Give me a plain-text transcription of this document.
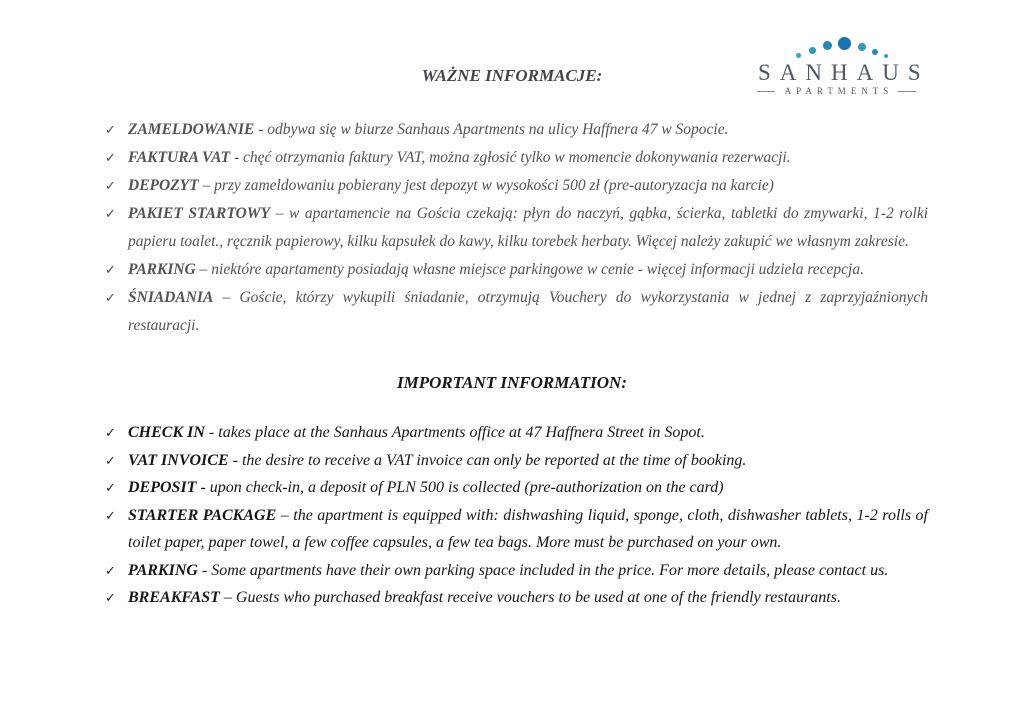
SANHAUS
APARTMENTS
WAŻNE INFORMACJE:
✓ ZAMELDOWANIE - odbywa się w biurze Sanhaus Apartments na ulicy Haffnera 47 w Sopocie.
✓ FAKTURA VAT - chęć otrzymania faktury VAT, można zgłosić tylko w momencie dokonywania rezerwacji.
✓ DEPOZYT – przy zameldowaniu pobierany jest depozyt w wysokości 500 zł (pre-autoryzacja na karcie)
✓ PAKIET STARTOWY – w apartamencie na Gościa czekają: płyn do naczyń, gąbka, ścierka, tabletki do zmywarki, 1-2 rolki papieru toalet., ręcznik papierowy, kilku kapsułek do kawy, kilku torebek herbaty. Więcej należy zakupić we własnym zakresie.
✓ PARKING – niektóre apartamenty posiadają własne miejsce parkingowe w cenie - więcej informacji udziela recepcja.
✓ ŚNIADANIA – Goście, którzy wykupili śniadanie, otrzymują Vouchery do wykorzystania w jednej z zaprzyjaźnionych restauracji.
IMPORTANT INFORMATION:
✓ CHECK IN - takes place at the Sanhaus Apartments office at 47 Haffnera Street in Sopot.
✓ VAT INVOICE - the desire to receive a VAT invoice can only be reported at the time of booking.
✓ DEPOSIT - upon check-in, a deposit of PLN 500 is collected (pre-authorization on the card)
✓ STARTER PACKAGE – the apartment is equipped with: dishwashing liquid, sponge, cloth, dishwasher tablets, 1-2 rolls of toilet paper, paper towel, a few coffee capsules, a few tea bags. More must be purchased on your own.
✓ PARKING - Some apartments have their own parking space included in the price. For more details, please contact us.
✓ BREAKFAST – Guests who purchased breakfast receive vouchers to be used at one of the friendly restaurants.
